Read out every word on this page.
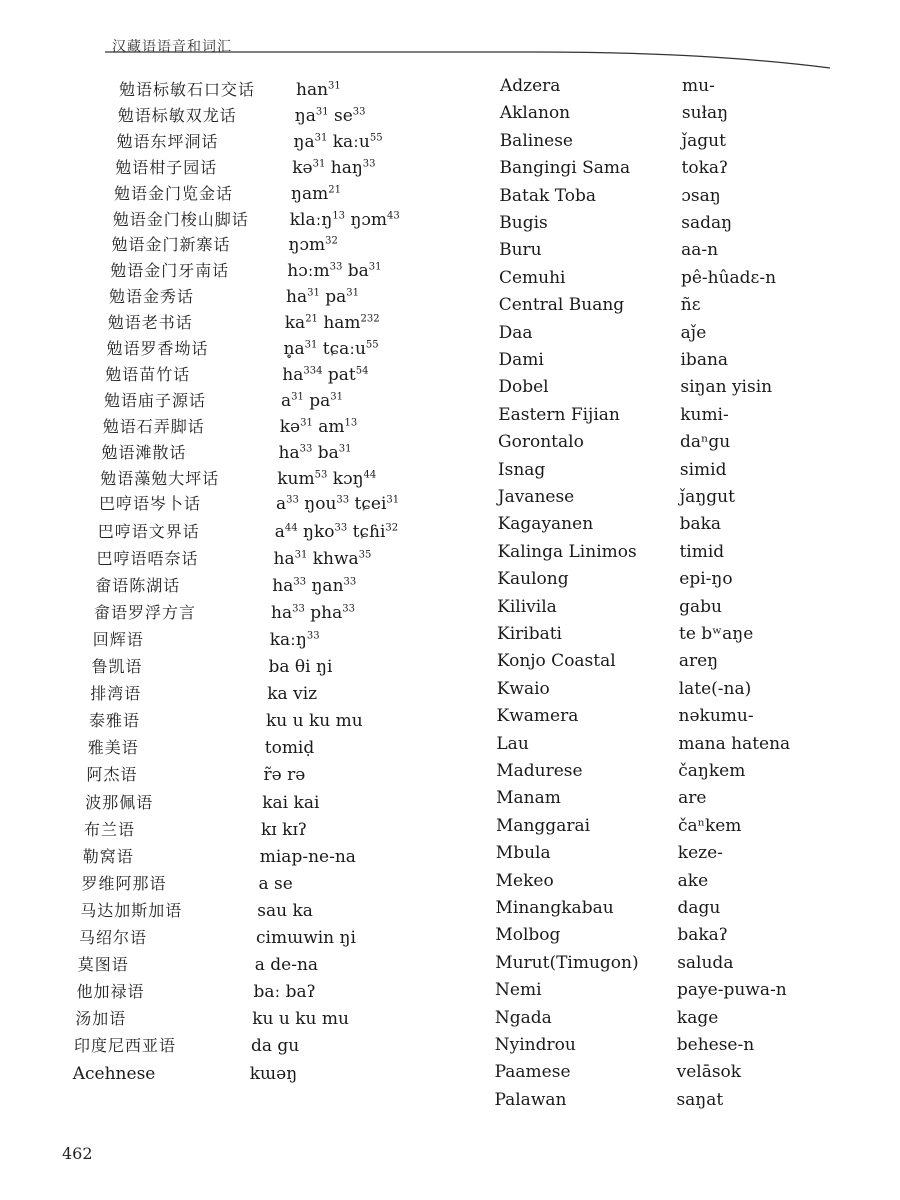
汉藏语语音和词汇
勉语标敏石口交话 han$^{31}$
勉语标敏双龙话	$ŋa^{31}$ $se^{33}$
勉语东坪洞话	$ŋa^{31}$ kaːu$^{55}$
勉语柑子园话	kə$^{31}$ haŋ$^{33}$
勉语金门览金话	ŋam$^{21}$
勉语金门梭山脚话 klaːŋ$^{13}$ ŋɔm$^{43}$
勉语金门新寨话	ŋɔm$^{32}$
勉语金门牙南话	hɔːm$^{33}$ $ba^{31}$
勉语金秀话	$ha^{31}$ $pa^{31}$
勉语老书话	$ka^{21}$ ham$^{232}$
勉语罗香坳话	$n̥a^{31}$ tɕaːu$^{55}$
勉语苗竹话	$ha^{334}$ pat$^{54}$
勉语庙子源话	$a^{31}$ $pa^{31}$
勉语石弄脚话	kə$^{31}$ $am^{13}$
勉语滩散话	$ha^{33}$ $ba^{31}$
勉语藻勉大坪话	kum$^{53}$ kɔŋ$^{44}$
巴哼语岑卜话	$a^{33}$ ŋou$^{33}$ tɕei$^{31}$
巴哼语文界话	$a^{44}$ ŋko$^{33}$ tɕɦi$^{32}$
巴哼语唔奈话	$ha^{31}$ khwa$^{35}$
畲语陈湖话	$ha^{33}$ ŋan$^{33}$
畲语罗浮方言	$ha^{33}$ pha$^{33}$
回辉语	kaːŋ$^{33}$
鲁凯语	ba θi ŋi
排湾语	ka viz
泰雅语	ku u ku mu
雅美语	tomiḍ
阿杰语	r̃ə rə
波那佩语	kai kai
布兰语	kɪ kɪʔ
勒窝语	miap-ne-na
罗维阿那语	a se
马达加斯加语	sau ka
马绍尔语	cimɯwin ŋi
莫图语	a de-na
他加禄语	baː baʔ
汤加语	ku u ku mu
印度尼西亚语	da gu
Acehnese	kɯəŋ
Adzera	mu-
Aklanon	sułaŋ
Balinese	ǰagut
Bangingi Sama	tokaʔ
Batak Toba	ɔsaŋ
Bugis	sadaŋ
Buru	aa-n
Cemuhi	pê-hûadɛ-n
Central Buang	ñɛ
Daa	aǰe
Dami	ibana
Dobel	siŋan yisin
Eastern Fijian	kumi-
Gorontalo	daⁿgu
Isnag	simid
Javanese	ǰaŋgut
Kagayanen	baka
Kalinga Linimos	timid
Kaulong	epi-ŋo
Kilivila	gabu
Kiribati	te bʷaŋe
Konjo Coastal	areŋ
Kwaio	late(-na)
Kwamera	nəkumu-
Lau	mana hatena
Madurese	čaŋkem
Manam	are
Manggarai	čaⁿkem
Mbula	keze-
Mekeo	ake
Minangkabau	dagu
Molbog	bakaʔ
Murut(Timugon) saluda
Nemi	paye-puwa-n
Ngada	kage
Nyindrou	behese-n
Paamese	velāsok
Palawan	saŋat
462
